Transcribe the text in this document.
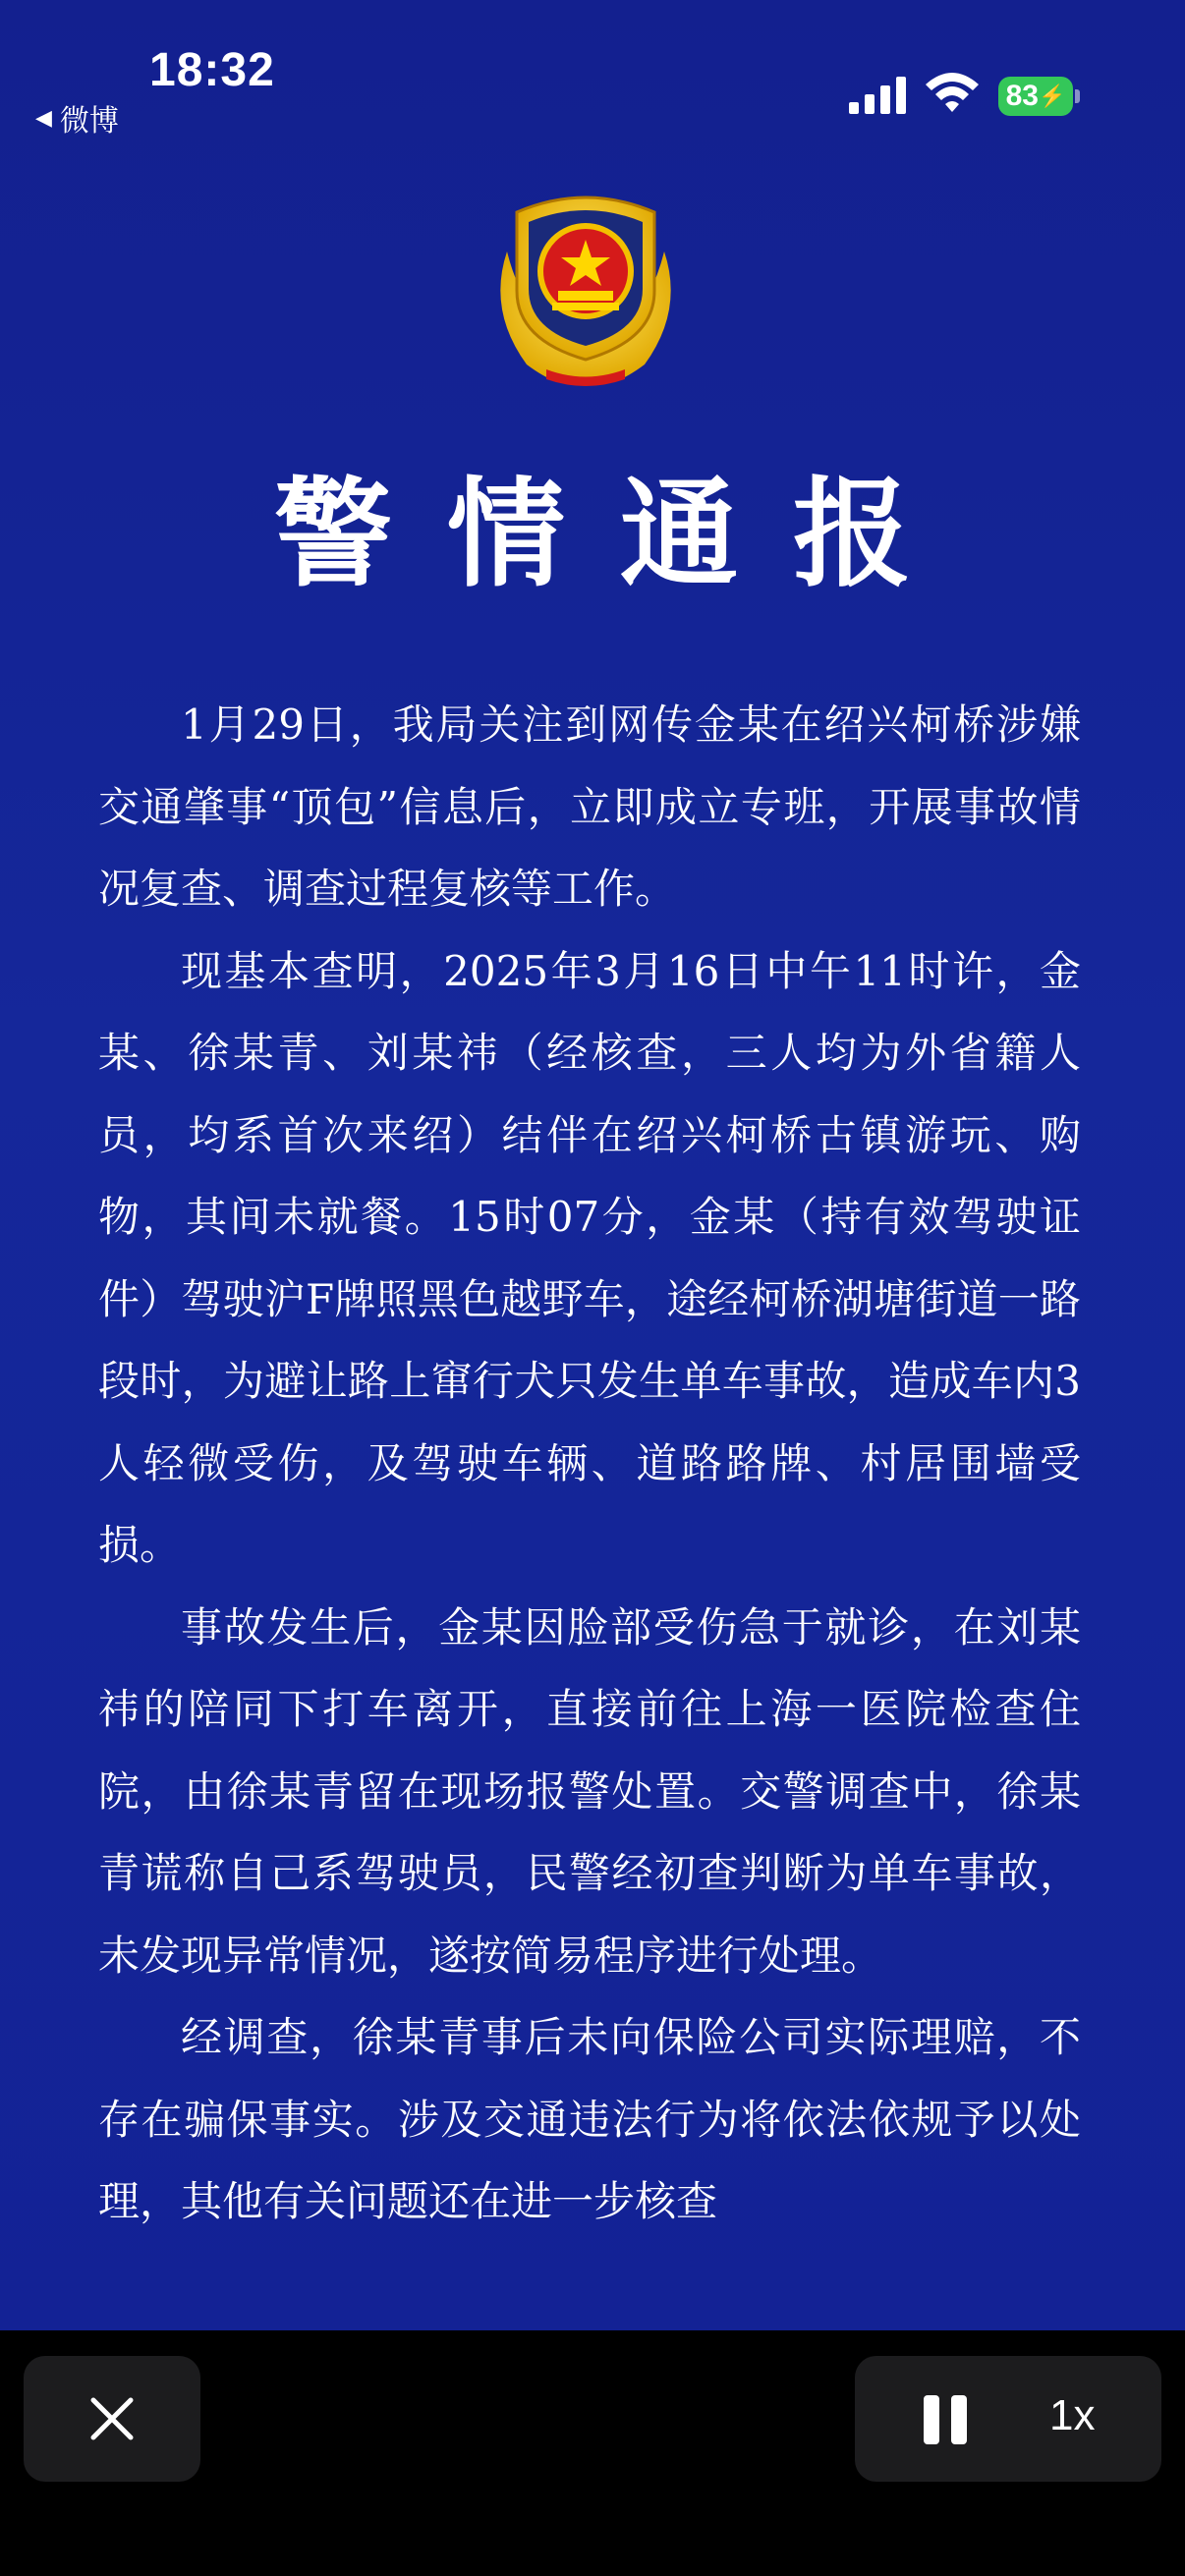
18:32
◀ 微博
83 ⚡
警情通报

1月29日，我局关注到网传金某在绍兴柯桥涉嫌交通肇事“顶包”信息后，立即成立专班，开展事故情况复查、调查过程复核等工作。

现基本查明，2025年3月16日中午11时许，金某、徐某青、刘某祎（经核查，三人均为外省籍人员，均系首次来绍）结伴在绍兴柯桥古镇游玩、购物，其间未就餐。15时07分，金某（持有效驾驶证件）驾驶沪F牌照黑色越野车，途经柯桥湖塘街道一路段时，为避让路上窜行犬只发生单车事故，造成车内3人轻微受伤，及驾驶车辆、道路路牌、村居围墙受损。

事故发生后，金某因脸部受伤急于就诊，在刘某祎的陪同下打车离开，直接前往上海一医院检查住院，由徐某青留在现场报警处置。交警调查中，徐某青谎称自己系驾驶员，民警经初查判断为单车事故，未发现异常情况，遂按简易程序进行处理。

经调查，徐某青事后未向保险公司实际理赔，不存在骗保事实。涉及交通违法行为将依法依规予以处理，其他有关问题还在进一步核查

1x
